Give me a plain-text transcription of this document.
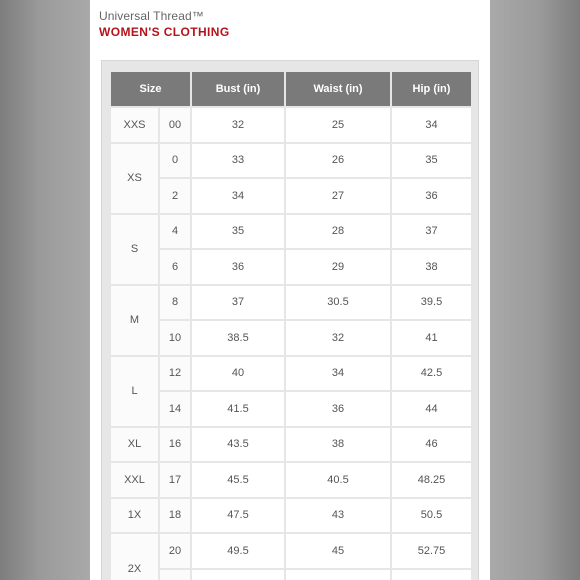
Universal Thread™
WOMEN'S CLOTHING
Size		Bust (in)	Waist (in)	Hip (in)
XXS	00	32	25	34
XS	0	33	26	35
	2	34	27	36
S	4	35	28	37
	6	36	29	38
M	8	37	30.5	39.5
	10	38.5	32	41
L	12	40	34	42.5
	14	41.5	36	44
XL	16	43.5	38	46
XXL	17	45.5	40.5	48.25
1X	18	47.5	43	50.5
2X	20	49.5	45	52.75
